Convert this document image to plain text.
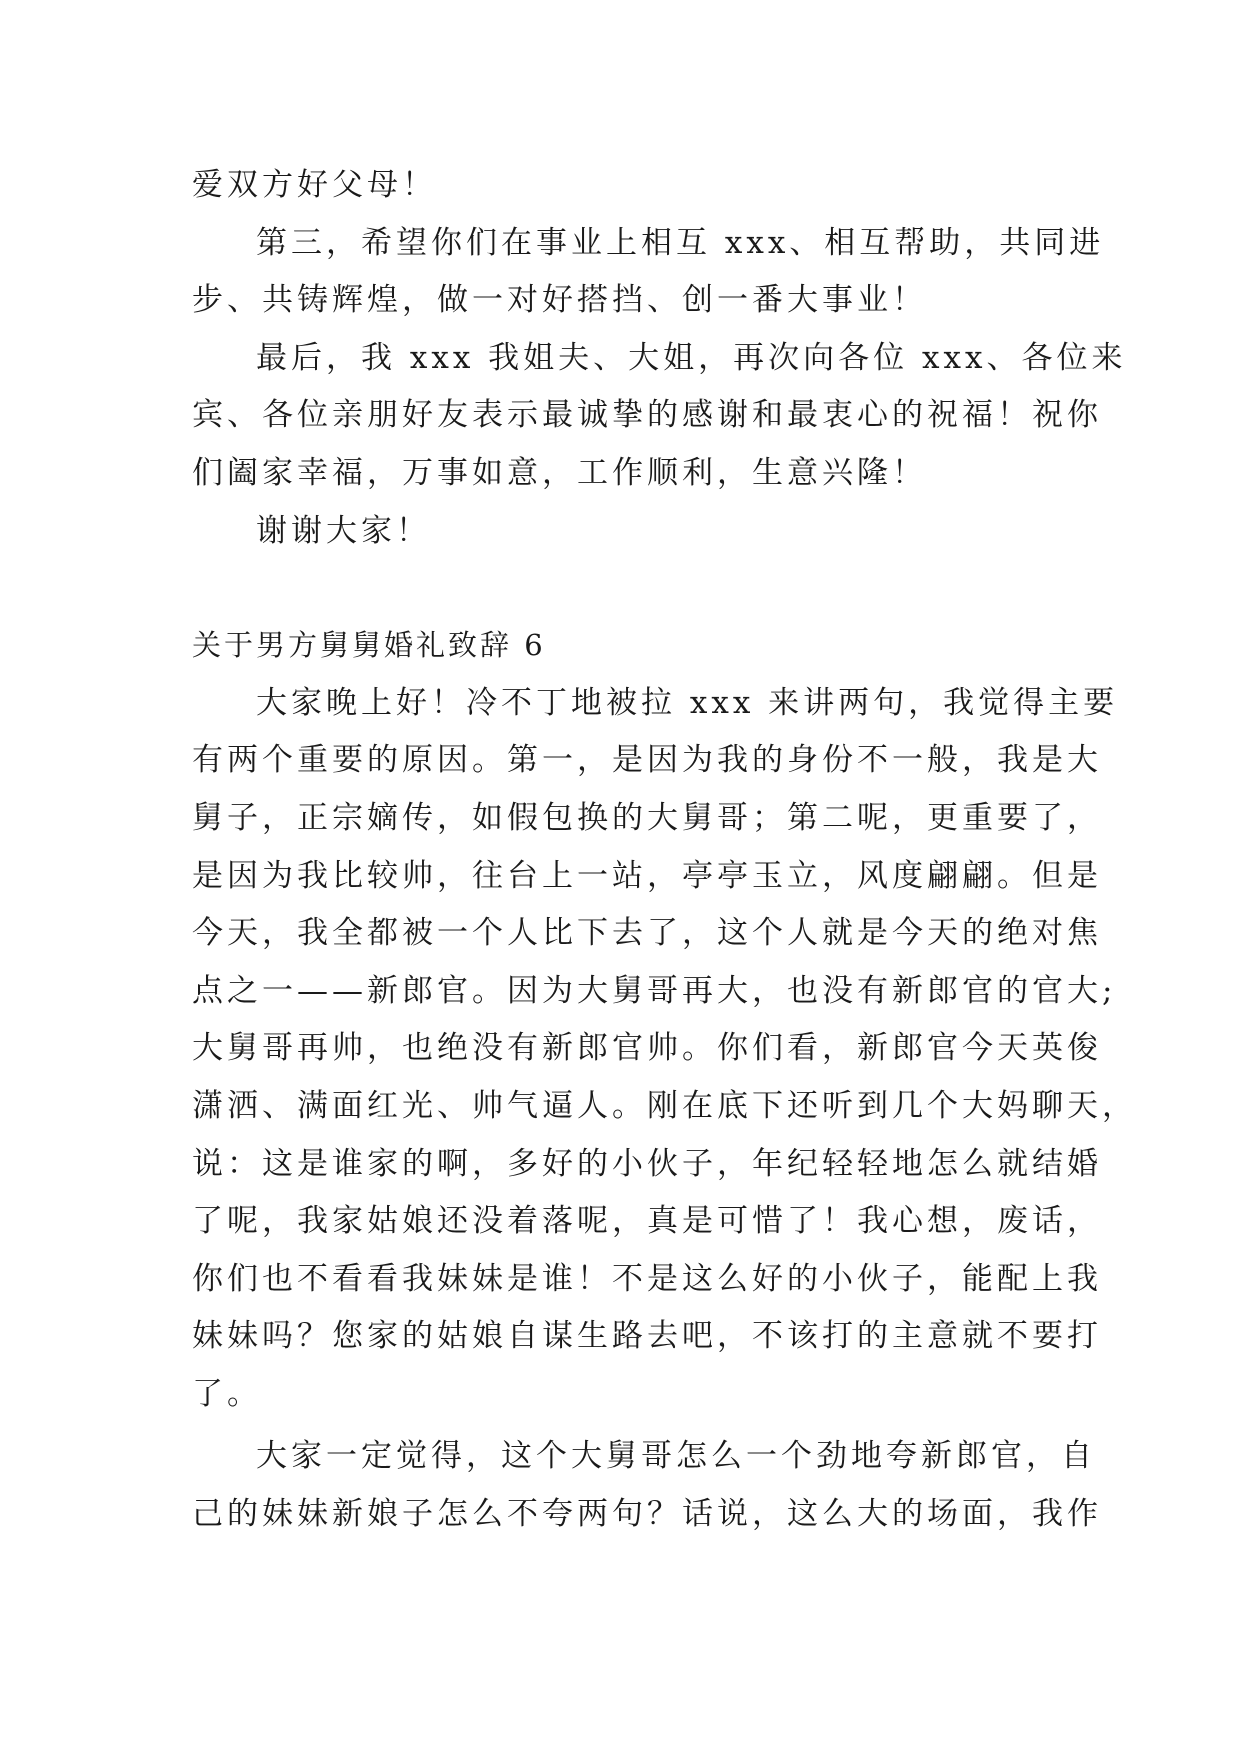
爱双方好父母！
第三，希望你们在事业上相互 xxx、相互帮助，共同进
步、共铸辉煌，做一对好搭挡、创一番大事业！
最后，我 xxx 我姐夫、大姐，再次向各位 xxx、各位来
宾、各位亲朋好友表示最诚挚的感谢和最衷心的祝福！祝你
们阖家幸福，万事如意，工作顺利，生意兴隆！
谢谢大家！
关于男方舅舅婚礼致辞 6
大家晚上好！冷不丁地被拉 xxx 来讲两句，我觉得主要
有两个重要的原因。第一，是因为我的身份不一般，我是大
舅子，正宗嫡传，如假包换的大舅哥；第二呢，更重要了，
是因为我比较帅，往台上一站，亭亭玉立，风度翩翩。但是
今天，我全都被一个人比下去了，这个人就是今天的绝对焦
点之一——新郎官。因为大舅哥再大，也没有新郎官的官大;
大舅哥再帅，也绝没有新郎官帅。你们看，新郎官今天英俊
潇洒、满面红光、帅气逼人。刚在底下还听到几个大妈聊天，
说：这是谁家的啊，多好的小伙子，年纪轻轻地怎么就结婚
了呢，我家姑娘还没着落呢，真是可惜了！我心想，废话，
你们也不看看我妹妹是谁！不是这么好的小伙子，能配上我
妹妹吗？您家的姑娘自谋生路去吧，不该打的主意就不要打
了。
大家一定觉得，这个大舅哥怎么一个劲地夸新郎官，自
己的妹妹新娘子怎么不夸两句？话说，这么大的场面，我作
